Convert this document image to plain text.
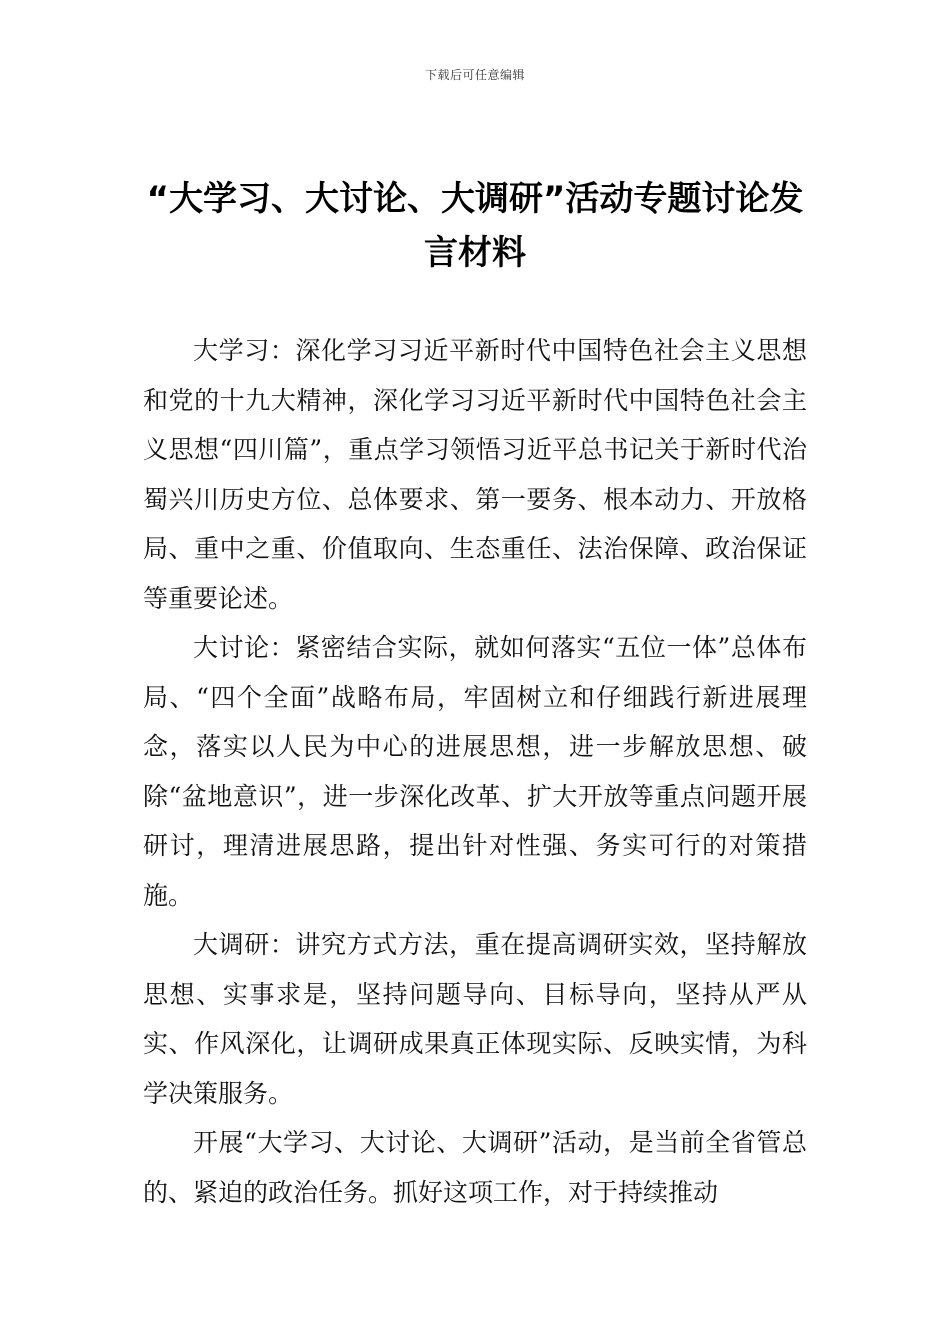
下载后可任意编辑
“大学习、大讨论、大调研”活动专题讨论发言材料

大学习：深化学习习近平新时代中国特色社会主义思想和党的十九大精神，深化学习习近平新时代中国特色社会主义思想“四川篇”，重点学习领悟习近平总书记关于新时代治蜀兴川历史方位、总体要求、第一要务、根本动力、开放格局、重中之重、价值取向、生态重任、法治保障、政治保证等重要论述。

大讨论：紧密结合实际，就如何落实“五位一体”总体布局、“四个全面”战略布局，牢固树立和仔细践行新进展理念，落实以人民为中心的进展思想，进一步解放思想、破除“盆地意识”，进一步深化改革、扩大开放等重点问题开展研讨，理清进展思路，提出针对性强、务实可行的对策措施。

大调研：讲究方式方法，重在提高调研实效，坚持解放思想、实事求是，坚持问题导向、目标导向，坚持从严从实、作风深化，让调研成果真正体现实际、反映实情，为科学决策服务。

开展“大学习、大讨论、大调研”活动，是当前全省管总的、紧迫的政治任务。抓好这项工作，对于持续推动
